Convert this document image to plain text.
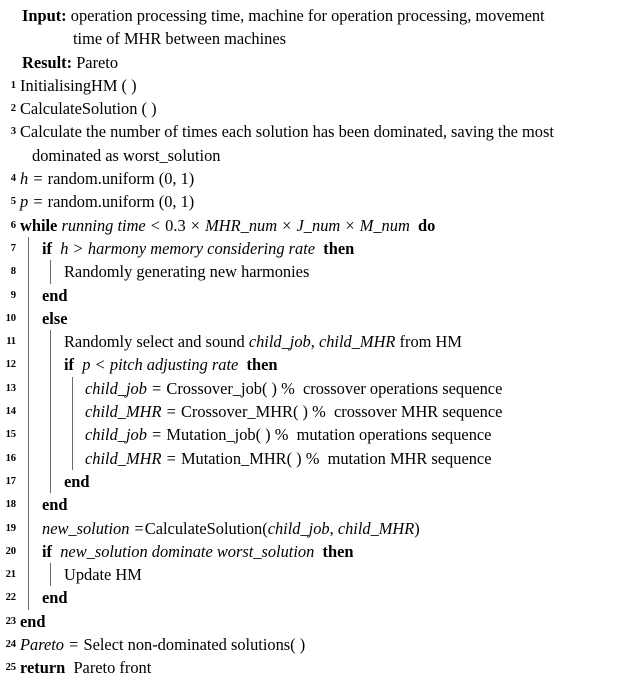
Input: operation processing time, machine for operation processing, movement
time of MHR between machines
Result: Pareto
1 InitialisingHM ( )
2 CalculateSolution ( )
3 Calculate the number of times each solution has been dominated, saving the most
dominated as worst_solution
4 h = random.uniform (0, 1)
5 p = random.uniform (0, 1)
6 while running time < 0.3 × MHR_num × J_num × M_num do
7	if h > harmony memory considering rate then
8	Randomly generating new harmonies
9	end
10	else
11	Randomly select and sound child_job, child_MHR from HM
12	if p < pitch adjusting rate then
13	child_job = Crossover_job( ) % crossover operations sequence
14	child_MHR = Crossover_MHR( ) % crossover MHR sequence
15	child_job = Mutation_job( ) % mutation operations sequence
16	child_MHR = Mutation_MHR( ) % mutation MHR sequence
17	end
18	end
19	new_solution =CalculateSolution(child_job, child_MHR)
20	if new_solution dominate worst_solution then
21	Update HM
22	end
23 end
24 Pareto = Select non-dominated solutions( )
25 return Pareto front
